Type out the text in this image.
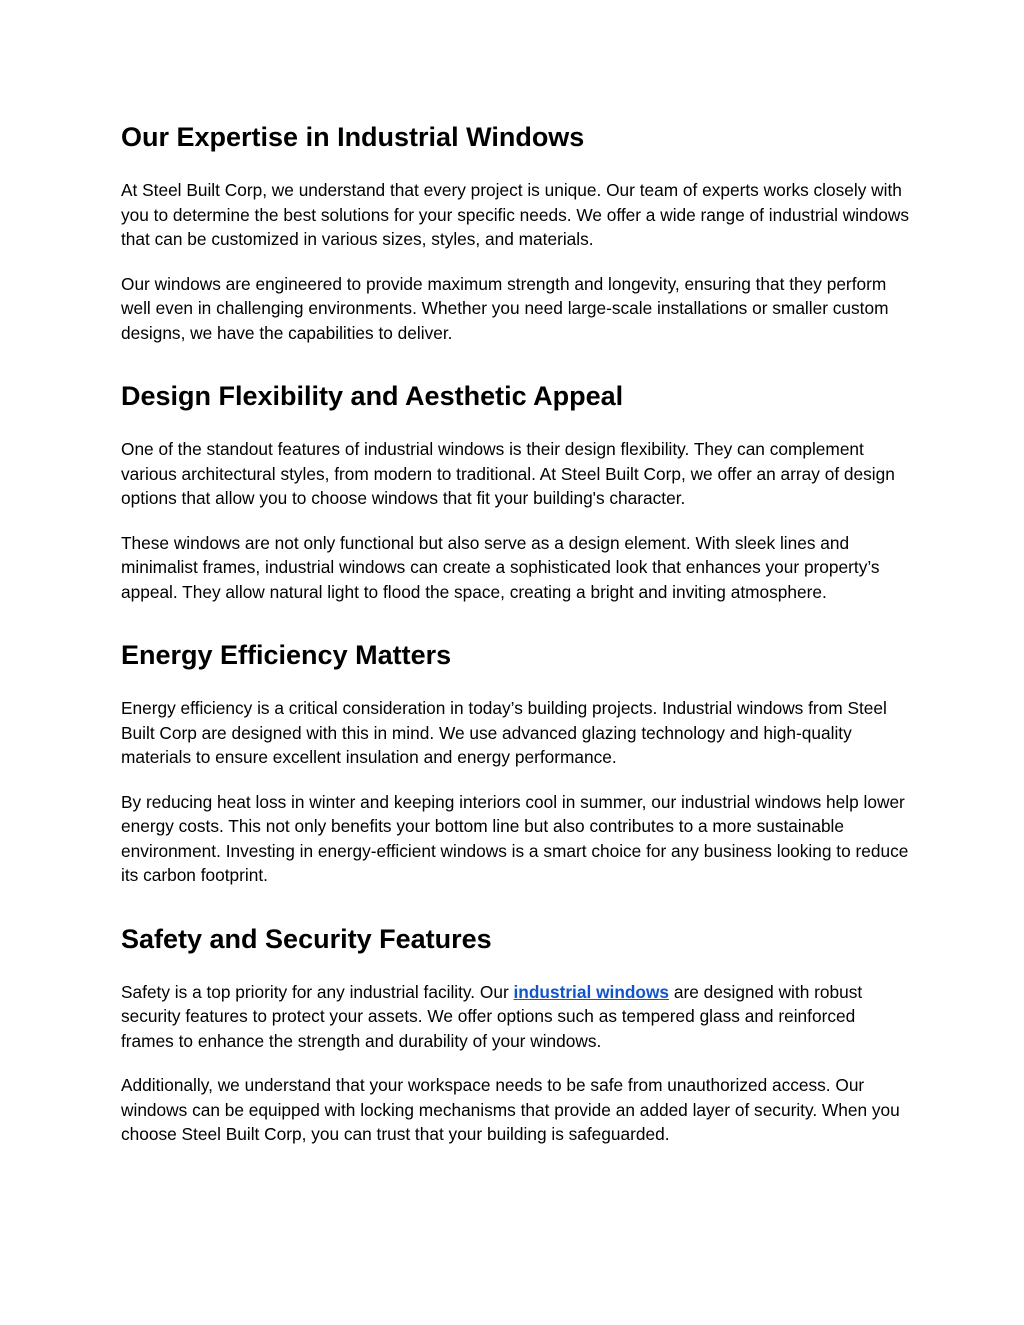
Our Expertise in Industrial Windows

At Steel Built Corp, we understand that every project is unique. Our team of experts works closely with you to determine the best solutions for your specific needs. We offer a wide range of industrial windows that can be customized in various sizes, styles, and materials.

Our windows are engineered to provide maximum strength and longevity, ensuring that they perform well even in challenging environments. Whether you need large-scale installations or smaller custom designs, we have the capabilities to deliver.

Design Flexibility and Aesthetic Appeal

One of the standout features of industrial windows is their design flexibility. They can complement various architectural styles, from modern to traditional. At Steel Built Corp, we offer an array of design options that allow you to choose windows that fit your building's character.

These windows are not only functional but also serve as a design element. With sleek lines and minimalist frames, industrial windows can create a sophisticated look that enhances your property’s appeal. They allow natural light to flood the space, creating a bright and inviting atmosphere.

Energy Efficiency Matters

Energy efficiency is a critical consideration in today’s building projects. Industrial windows from Steel Built Corp are designed with this in mind. We use advanced glazing technology and high-quality materials to ensure excellent insulation and energy performance.

By reducing heat loss in winter and keeping interiors cool in summer, our industrial windows help lower energy costs. This not only benefits your bottom line but also contributes to a more sustainable environment. Investing in energy-efficient windows is a smart choice for any business looking to reduce its carbon footprint.

Safety and Security Features

Safety is a top priority for any industrial facility. Our industrial windows are designed with robust security features to protect your assets. We offer options such as tempered glass and reinforced frames to enhance the strength and durability of your windows.

Additionally, we understand that your workspace needs to be safe from unauthorized access. Our windows can be equipped with locking mechanisms that provide an added layer of security. When you choose Steel Built Corp, you can trust that your building is safeguarded.
